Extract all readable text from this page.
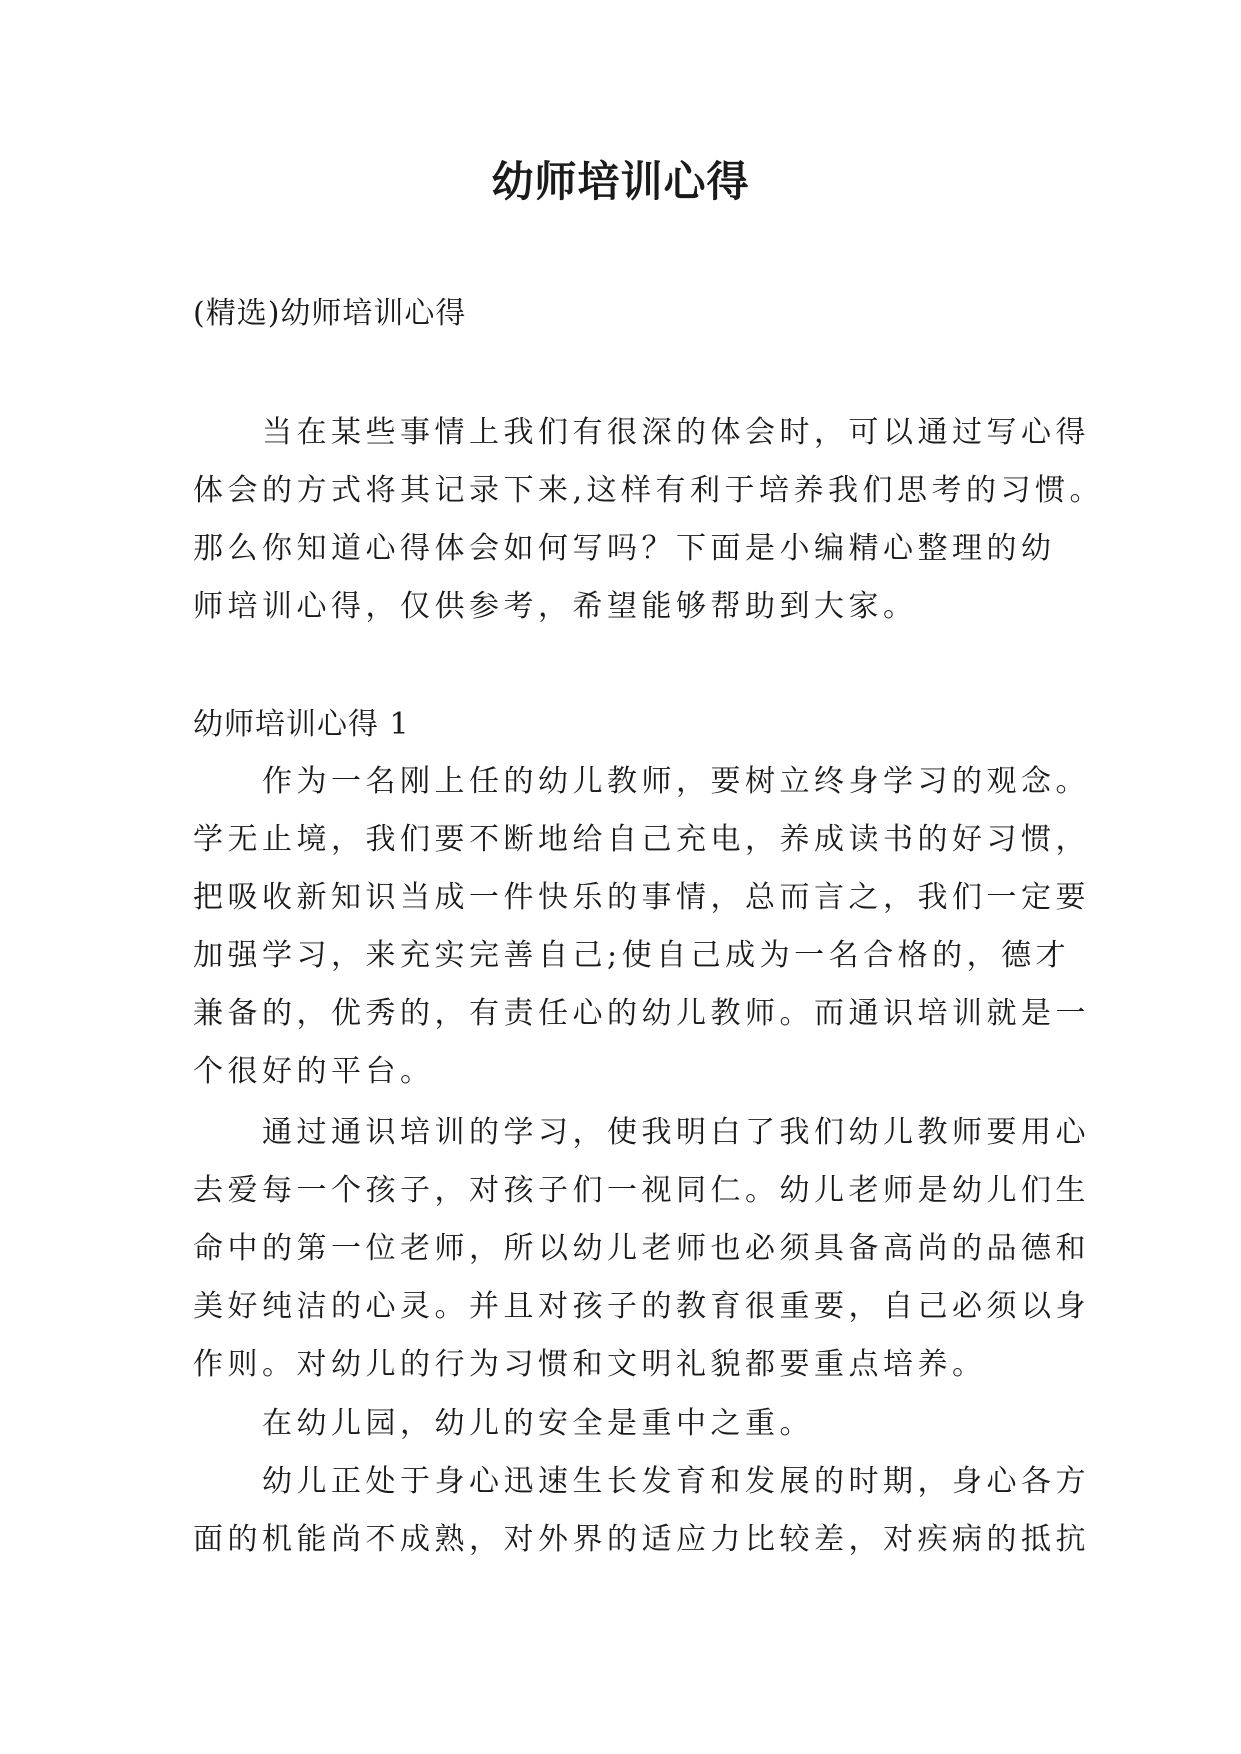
幼师培训心得
(精选)幼师培训心得
　　当在某些事情上我们有很深的体会时，可以通过写心得
体会的方式将其记录下来,这样有利于培养我们思考的习惯。
那么你知道心得体会如何写吗？下面是小编精心整理的幼
师培训心得，仅供参考，希望能够帮助到大家。
幼师培训心得 1
　　作为一名刚上任的幼儿教师，要树立终身学习的观念。
学无止境，我们要不断地给自己充电，养成读书的好习惯，
把吸收新知识当成一件快乐的事情，总而言之，我们一定要
加强学习，来充实完善自己;使自己成为一名合格的，德才
兼备的，优秀的，有责任心的幼儿教师。而通识培训就是一
个很好的平台。
　　通过通识培训的学习，使我明白了我们幼儿教师要用心
去爱每一个孩子，对孩子们一视同仁。幼儿老师是幼儿们生
命中的第一位老师，所以幼儿老师也必须具备高尚的品德和
美好纯洁的心灵。并且对孩子的教育很重要，自己必须以身
作则。对幼儿的行为习惯和文明礼貌都要重点培养。
　　在幼儿园，幼儿的安全是重中之重。
　　幼儿正处于身心迅速生长发育和发展的时期，身心各方
面的机能尚不成熟，对外界的适应力比较差，对疾病的抵抗
